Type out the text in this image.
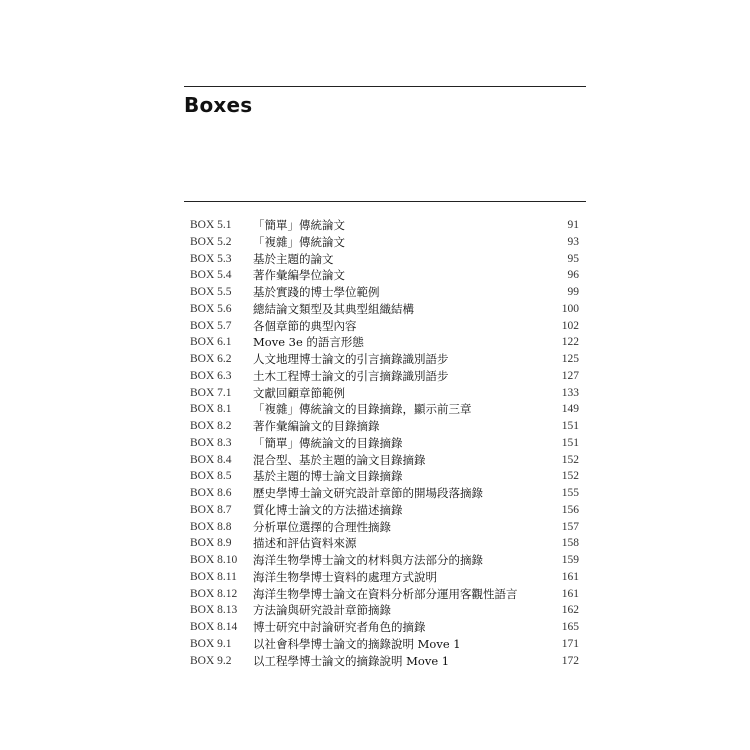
Boxes
BOX 5.1 「簡單」傳統論文	91
BOX 5.2 「複雜」傳統論文	93
BOX 5.3 基於主題的論文	95
BOX 5.4 著作彙編學位論文	96
BOX 5.5 基於實踐的博士學位範例	99
BOX 5.6 總結論文類型及其典型組織結構	100
BOX 5.7 各個章節的典型內容	102
BOX 6.1 Move 3e 的語言形態	122
BOX 6.2 人文地理博士論文的引言摘錄識別語步	125
BOX 6.3 土木工程博士論文的引言摘錄識別語步	127
BOX 7.1 文獻回顧章節範例	133
BOX 8.1 「複雜」傳統論文的目錄摘錄，顯示前三章	149
BOX 8.2 著作彙編論文的目錄摘錄	151
BOX 8.3 「簡單」傳統論文的目錄摘錄	151
BOX 8.4 混合型、基於主題的論文目錄摘錄	152
BOX 8.5 基於主題的博士論文目錄摘錄	152
BOX 8.6 歷史學博士論文研究設計章節的開場段落摘錄	155
BOX 8.7 質化博士論文的方法描述摘錄	156
BOX 8.8 分析單位選擇的合理性摘錄	157
BOX 8.9 描述和評估資料來源	158
BOX 8.10 海洋生物學博士論文的材料與方法部分的摘錄	159
BOX 8.11 海洋生物學博士資料的處理方式說明	161
BOX 8.12 海洋生物學博士論文在資料分析部分運用客觀性語言	161
BOX 8.13 方法論與研究設計章節摘錄	162
BOX 8.14 博士研究中討論研究者角色的摘錄	165
BOX 9.1 以社會科學博士論文的摘錄說明 Move 1	171
BOX 9.2 以工程學博士論文的摘錄說明 Move 1	172
